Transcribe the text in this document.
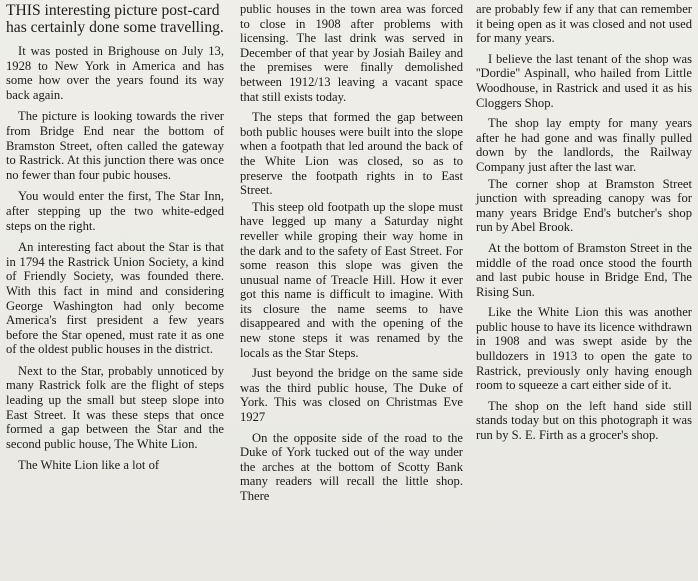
THIS interesting picture post-card has certainly done some travelling.

It was posted in Brighouse on July 13, 1928 to New York in America and has some how over the years found its way back again.

The picture is looking towards the river from Bridge End near the bottom of Bramston Street, often called the gateway to Rastrick. At this junction there was once no fewer than four pubic houses.

You would enter the first, The Star Inn, after stepping up the two white-edged steps on the right.

An interesting fact about the Star is that in 1794 the Rastrick Union Society, a kind of Friendly Society, was founded there. With this fact in mind and considering George Washington had only become America's first president a few years before the Star opened, must rate it as one of the oldest public houses in the district.

Next to the Star, probably unnoticed by many Rastrick folk are the flight of steps leading up the small but steep slope into East Street. It was these steps that once formed a gap between the Star and the second public house, The White Lion.

The White Lion like a lot of

public houses in the town area was forced to close in 1908 after problems with licensing. The last drink was served in December of that year by Josiah Bailey and the premises were finally demolished between 1912/13 leaving a vacant space that still exists today.

The steps that formed the gap between both public houses were built into the slope when a footpath that led around the back of the White Lion was closed, so as to preserve the footpath rights in to East Street.

This steep old footpath up the slope must have legged up many a Saturday night reveller while groping their way home in the dark and to the safety of East Street. For some reason this slope was given the unusual name of Treacle Hill. How it ever got this name is difficult to imagine. With its closure the name seems to have disappeared and with the opening of the new stone steps it was renamed by the locals as the Star Steps.

Just beyond the bridge on the same side was the third public house, The Duke of York. This was closed on Christmas Eve 1927

On the opposite side of the road to the Duke of York tucked out of the way under the arches at the bottom of Scotty Bank many readers will recall the little shop. There

are probably few if any that can remember it being open as it was closed and not used for many years.

I believe the last tenant of the shop was ''Dordie'' Aspinall, who hailed from Little Woodhouse, in Rastrick and used it as his Cloggers Shop.

The shop lay empty for many years after he had gone and was finally pulled down by the landlords, the Railway Company just after the last war.

The corner shop at Bramston Street junction with spreading canopy was for many years Bridge End's butcher's shop run by Abel Brook.

At the bottom of Bramston Street in the middle of the road once stood the fourth and last pubic house in Bridge End, The Rising Sun.

Like the White Lion this was another public house to have its licence withdrawn in 1908 and was swept aside by the bulldozers in 1913 to open the gate to Rastrick, previously only having enough room to squeeze a cart either side of it.

The shop on the left hand side still stands today but on this photograph it was run by S. E. Firth as a grocer's shop.
